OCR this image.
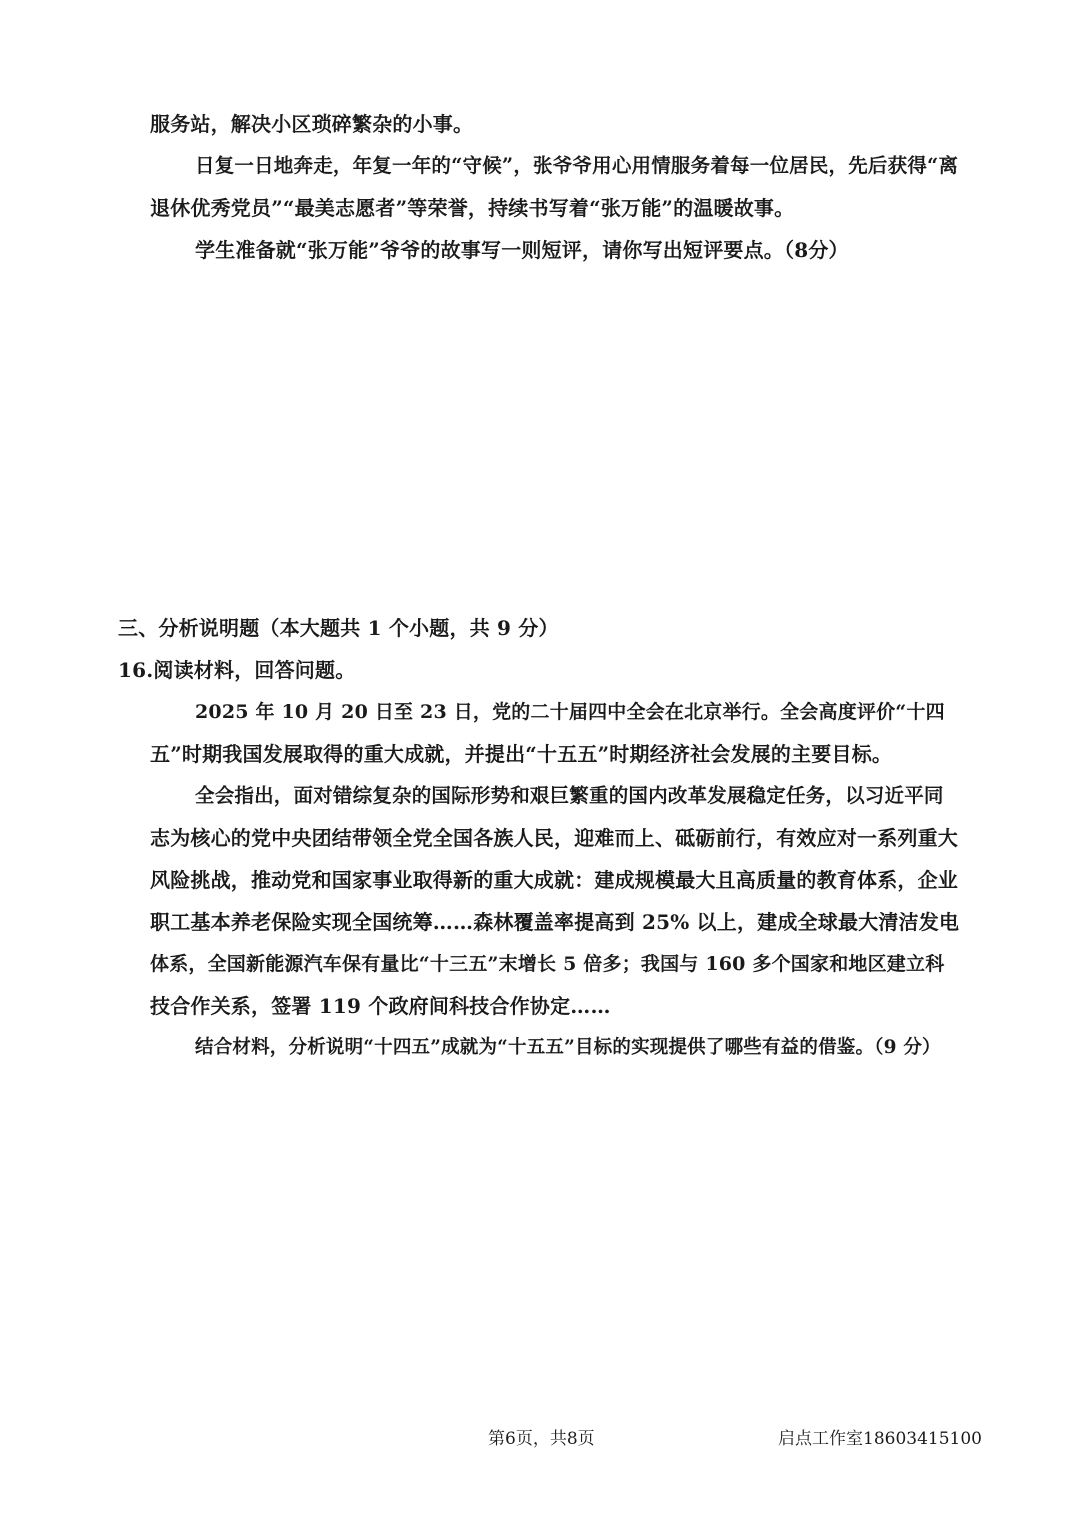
服务站，解决小区琐碎繁杂的小事。
日复一日地奔走，年复一年的“守候”，张爷爷用心用情服务着每一位居民，先后获得“离
退休优秀党员”“最美志愿者”等荣誉，持续书写着“张万能”的温暖故事。
学生准备就“张万能”爷爷的故事写一则短评，请你写出短评要点。（8分）
三、分析说明题（本大题共 1 个小题，共 9 分）
16.阅读材料，回答问题。
2025 年 10 月 20 日至 23 日，党的二十届四中全会在北京举行。全会高度评价“十四
五”时期我国发展取得的重大成就，并提出“十五五”时期经济社会发展的主要目标。
全会指出，面对错综复杂的国际形势和艰巨繁重的国内改革发展稳定任务，以习近平同
志为核心的党中央团结带领全党全国各族人民，迎难而上、砥砺前行，有效应对一系列重大
风险挑战，推动党和国家事业取得新的重大成就：建成规模最大且高质量的教育体系，企业
职工基本养老保险实现全国统筹……森林覆盖率提高到 25% 以上，建成全球最大清洁发电
体系，全国新能源汽车保有量比“十三五”末增长 5 倍多；我国与 160 多个国家和地区建立科
技合作关系，签署 119 个政府间科技合作协定……
结合材料，分析说明“十四五”成就为“十五五”目标的实现提供了哪些有益的借鉴。（9 分）
第6页，共8页	启点工作室18603415100
